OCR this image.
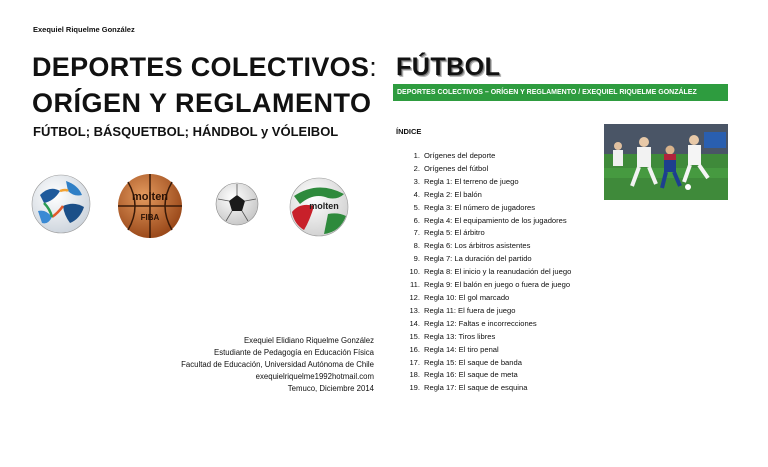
Exequiel Riquelme González
DEPORTES COLECTIVOS:
ORÍGEN Y REGLAMENTO
FÚTBOL; BÁSQUETBOL; HÁNDBOL y VÓLEIBOL
molten
FIBA
molten
Exequiel Elidiano Riquelme González
Estudiante de Pedagogía en Educación Física
Facultad de Educación, Universidad Autónoma de Chile
exequielriquelme1992hotmail.com
Temuco, Diciembre 2014
FÚTBOL
DEPORTES COLECTIVOS – ORÍGEN Y REGLAMENTO / EXEQUIEL RIQUELME GONZÁLEZ
ÍNDICE
1. Orígenes del deporte
2. Orígenes del fútbol
3. Regla 1: El terreno de juego
4. Regla 2: El balón
5. Regla 3: El número de jugadores
6. Regla 4: El equipamiento de los jugadores
7. Regla 5: El árbitro
8. Regla 6: Los árbitros asistentes
9. Regla 7: La duración del partido
10. Regla 8: El inicio y la reanudación del juego
11. Regla 9: El balón en juego o fuera de juego
12. Regla 10: El gol marcado
13. Regla 11: El fuera de juego
14. Regla 12: Faltas e incorrecciones
15. Regla 13: Tiros libres
16. Regla 14: El tiro penal
17. Regla 15: El saque de banda
18. Regla 16: El saque de meta
19. Regla 17: El saque de esquina
